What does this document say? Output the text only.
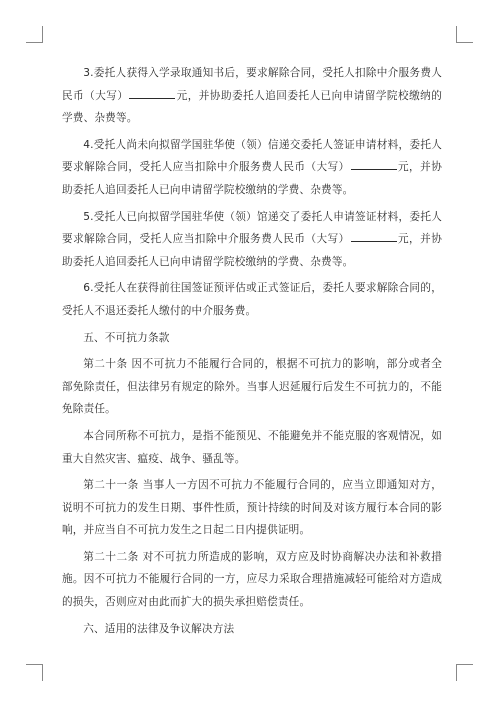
3.委托人获得入学录取通知书后，要求解除合同，受托人扣除中介服务费人民币（大写）	元，并协助委托人追回委托人已向申请留学院校缴纳的学费、杂费等。

4.受托人尚未向拟留学国驻华使（领）信递交委托人签证申请材料，委托人要求解除合同，受托人应当扣除中介服务费人民币（大写）	元，并协助委托人追回委托人已向申请留学院校缴纳的学费、杂费等。

5.受托人已向拟留学国驻华使（领）馆递交了委托人申请签证材料，委托人要求解除合同，受托人应当扣除中介服务费人民币（大写）	元，并协助委托人追回委托人已向申请留学院校缴纳的学费、杂费等。

6.受托人在获得前往国签证预评估或正式签证后，委托人要求解除合同的，受托人不退还委托人缴付的中介服务费。

五、不可抗力条款

第二十条 因不可抗力不能履行合同的，根据不可抗力的影响，部分或者全部免除责任，但法律另有规定的除外。当事人迟延履行后发生不可抗力的，不能免除责任。

本合同所称不可抗力，是指不能预见、不能避免并不能克服的客观情况，如重大自然灾害、瘟疫、战争、骚乱等。

第二十一条 当事人一方因不可抗力不能履行合同的，应当立即通知对方，说明不可抗力的发生日期、事件性质，预计持续的时间及对该方履行本合同的影响，并应当自不可抗力发生之日起二日内提供证明。

第二十二条 对不可抗力所造成的影响，双方应及时协商解决办法和补救措施。因不可抗力不能履行合同的一方，应尽力采取合理措施减轻可能给对方造成的损失，否则应对由此而扩大的损失承担赔偿责任。

六、适用的法律及争议解决方法
